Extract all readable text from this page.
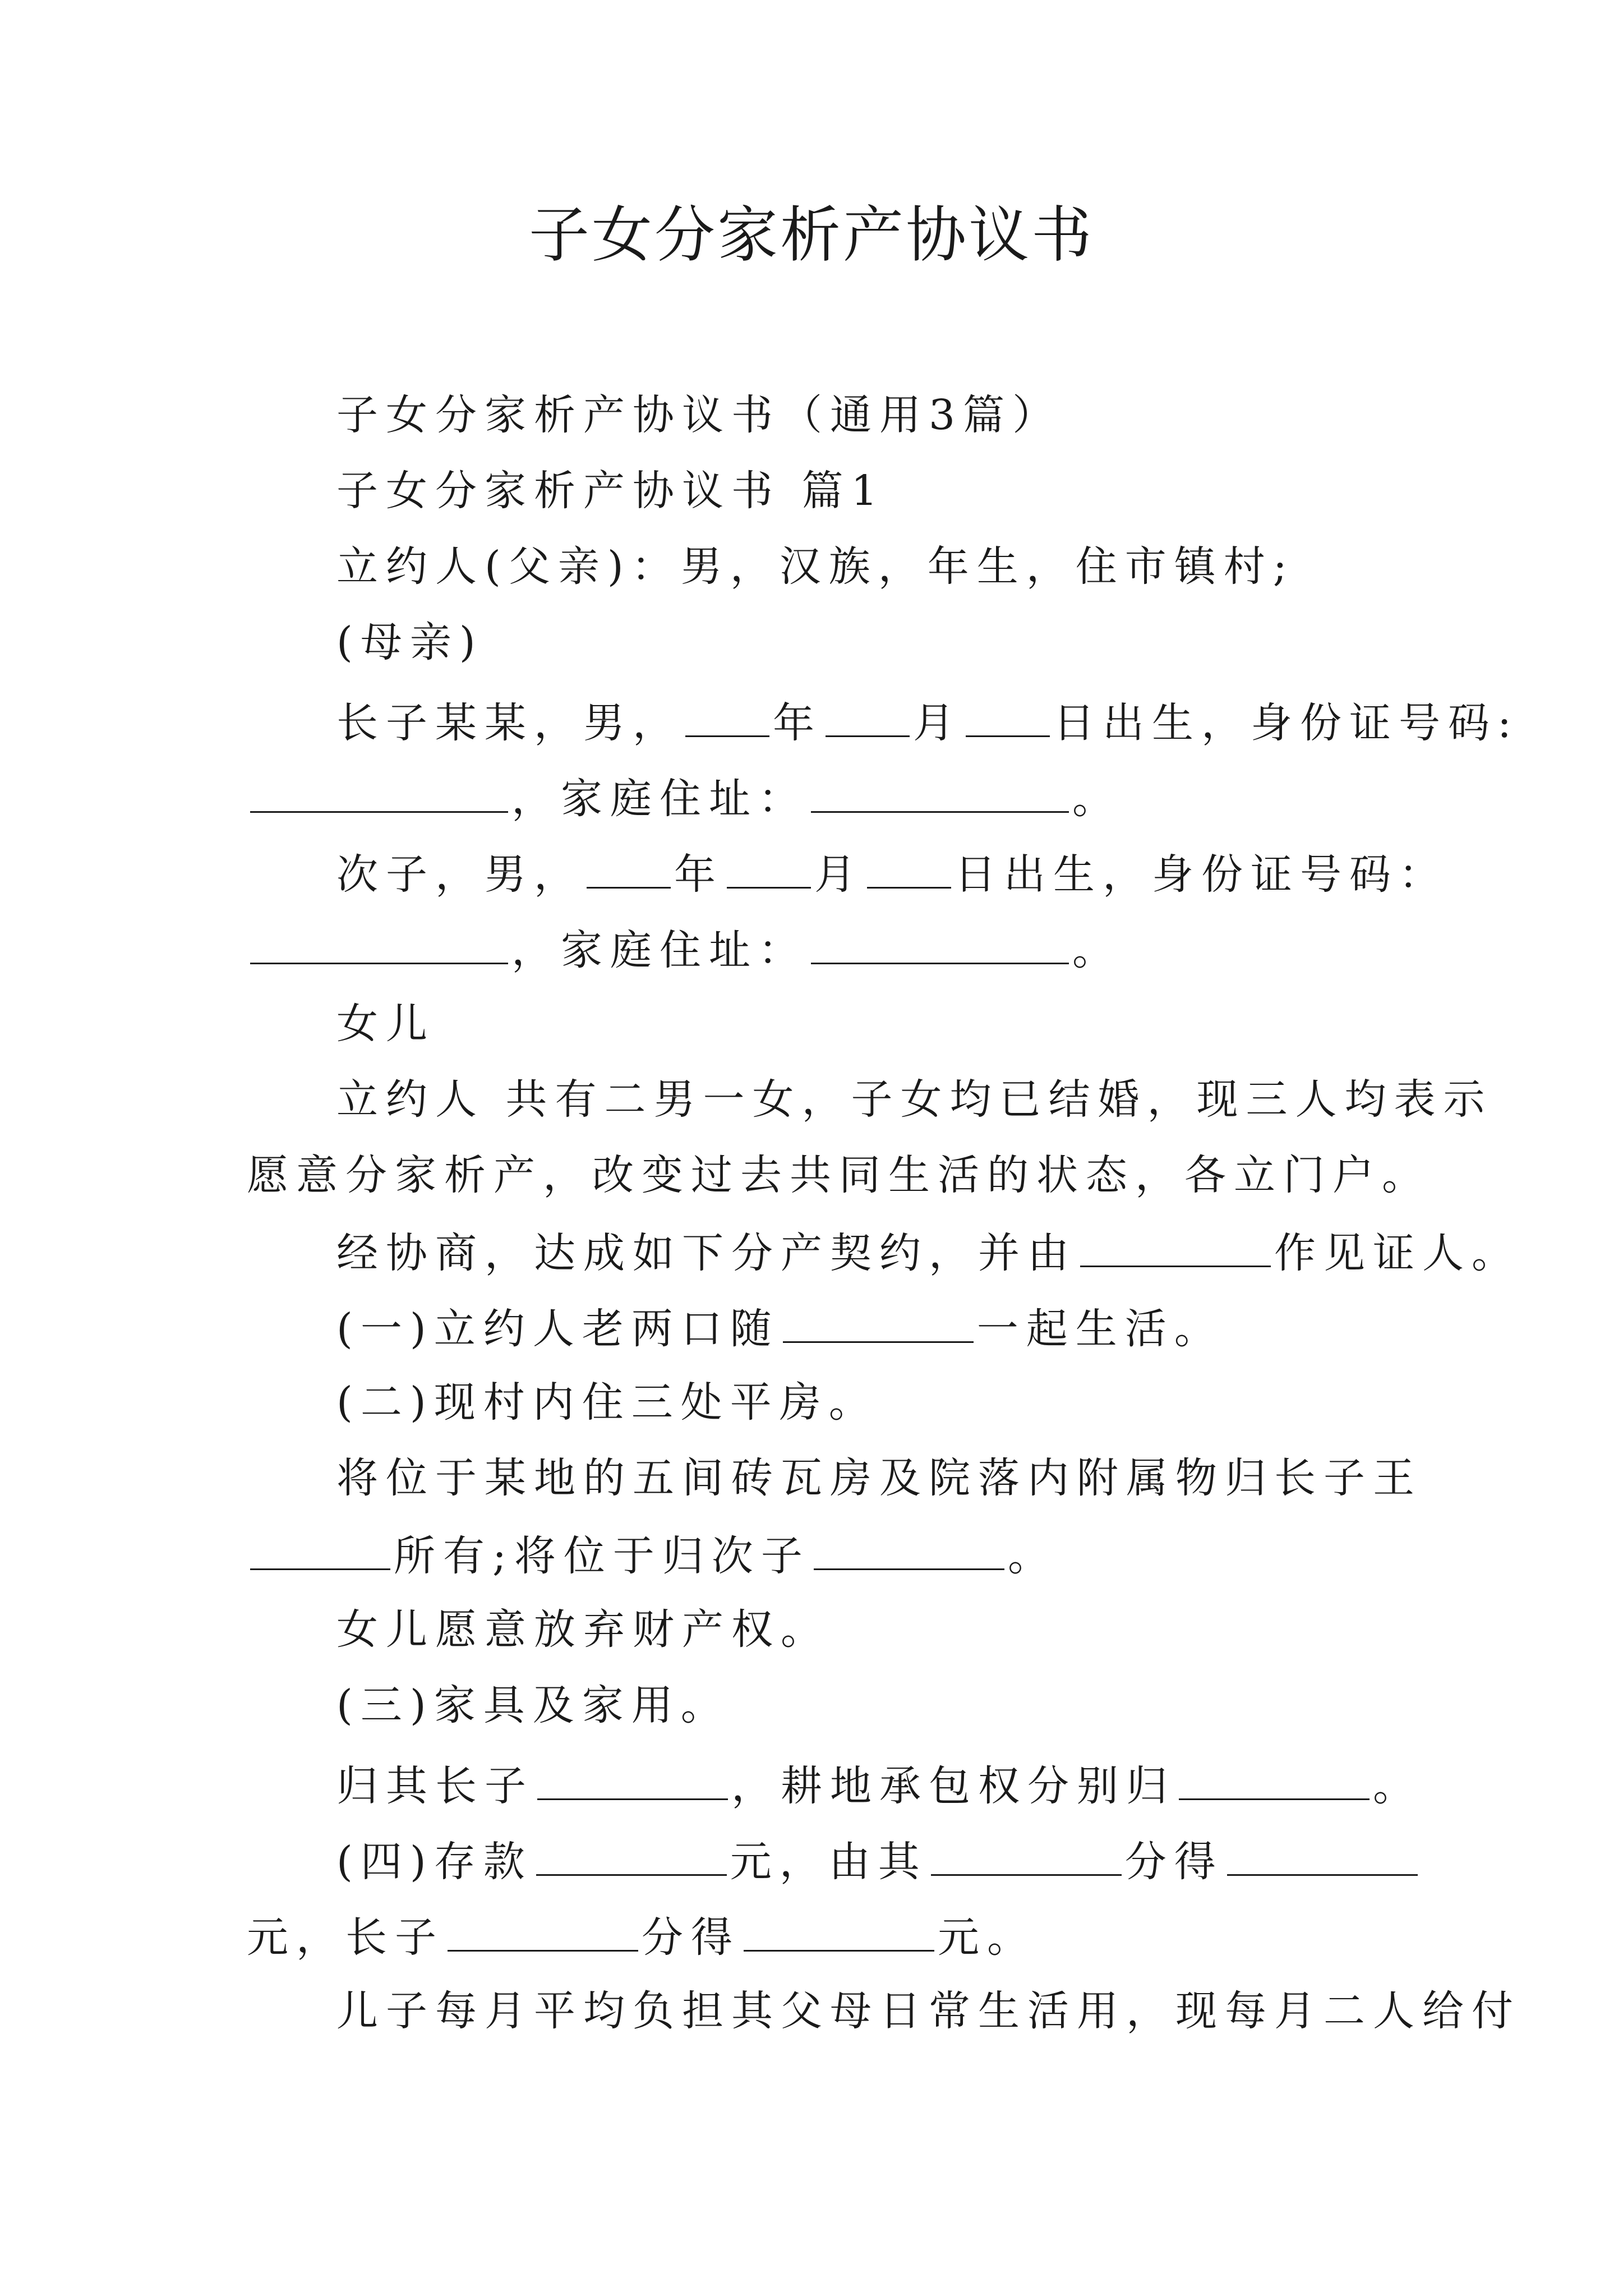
子女分家析产协议书
子女分家析产协议书（通用3篇）
子女分家析产协议书 篇1
立约人(父亲)：男，汉族，年生，住市镇村;
(母亲)
长子某某，男， 年 月 日出生，身份证号码:
，家庭住址：	。
次子，男， 年 月 日出生，身份证号码：
，家庭住址：	。
女儿
立约人 共有二男一女，子女均已结婚，现三人均表示
愿意分家析产，改变过去共同生活的状态，各立门户。
经协商，达成如下分产契约，并由	作见证人。
(一)立约人老两口随	一起生活。
(二)现村内住三处平房。
将位于某地的五间砖瓦房及院落内附属物归长子王
所有;将位于归次子	。
女儿愿意放弃财产权。
(三)家具及家用。
归其长子	，耕地承包权分别归	。
(四)存款	元，由其	分得
元，长子	分得	元。
儿子每月平均负担其父母日常生活用，现每月二人给付
